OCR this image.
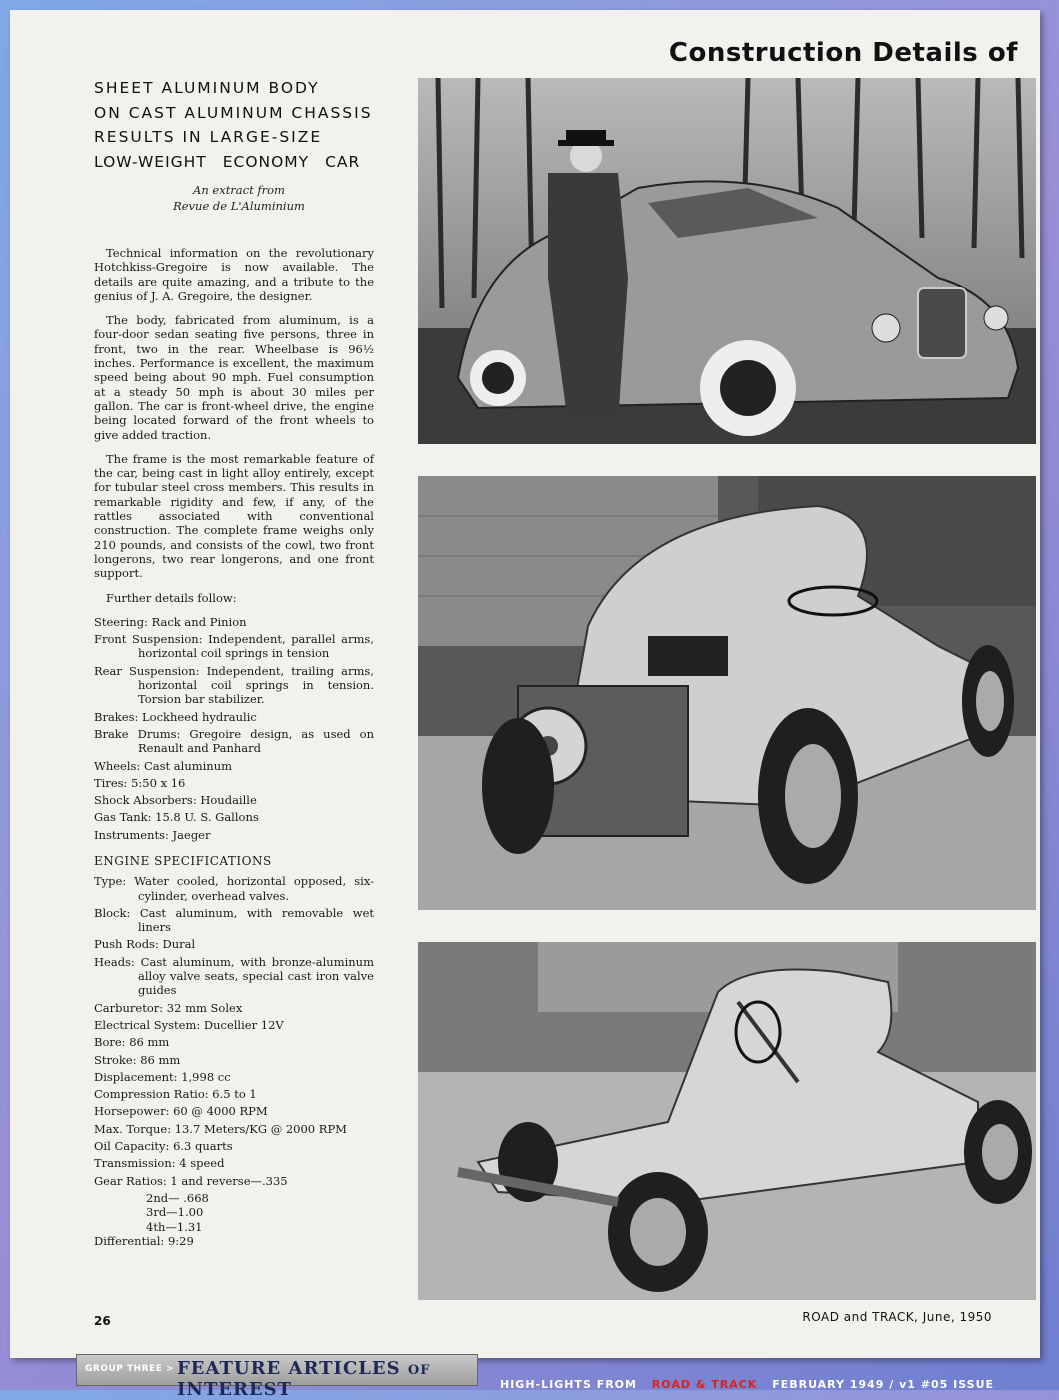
Construction Details of
SHEET ALUMINUM BODY
ON CAST ALUMINUM CHASSIS
RESULTS IN LARGE-SIZE
LOW-WEIGHT ECONOMY CAR
An extract from
Revue de L'Aluminium

Technical information on the revolutionary Hotchkiss-Gregoire is now available. The details are quite amazing, and a tribute to the genius of J. A. Gregoire, the designer.

The body, fabricated from aluminum, is a four-door sedan seating five persons, three in front, two in the rear. Wheelbase is 96½ inches. Performance is excellent, the maximum speed being about 90 mph. Fuel consumption at a steady 50 mph is about 30 miles per gallon. The car is front-wheel drive, the engine being located forward of the front wheels to give added traction.

The frame is the most remarkable feature of the car, being cast in light alloy entirely, except for tubular steel cross members. This results in remarkable rigidity and few, if any, of the rattles associated with conventional construction. The complete frame weighs only 210 pounds, and consists of the cowl, two front longerons, two rear longerons, and one front support.

Further details follow:

Steering: Rack and Pinion
Front Suspension: Independent, parallel arms, horizontal coil springs in tension
Rear Suspension: Independent, trailing arms, horizontal coil springs in tension. Torsion bar stabilizer.
Brakes: Lockheed hydraulic
Brake Drums: Gregoire design, as used on Renault and Panhard
Wheels: Cast aluminum
Tires: 5:50 x 16
Shock Absorbers: Houdaille
Gas Tank: 15.8 U. S. Gallons
Instruments: Jaeger
ENGINE SPECIFICATIONS
Type: Water cooled, horizontal opposed, six-cylinder, overhead valves.
Block: Cast aluminum, with removable wet liners
Push Rods: Dural
Heads: Cast aluminum, with bronze-aluminum alloy valve seats, special cast iron valve guides
Carburetor: 32 mm Solex
Electrical System: Ducellier 12V
Bore: 86 mm
Stroke: 86 mm
Displacement: 1,998 cc
Compression Ratio: 6.5 to 1
Horsepower: 60 @ 4000 RPM
Max. Torque: 13.7 Meters/KG @ 2000 RPM
Oil Capacity: 6.3 quarts
Transmission: 4 speed
Gear Ratios: 1 and reverse—.335
2nd— .668
3rd—1.00
4th—1.31
Differential: 9:29
26	ROAD and TRACK, June, 1950
GROUP THREE > FEATURE ARTICLES of INTEREST	HIGH-LIGHTS FROM ROAD & TRACK FEBRUARY 1949 / v1 #05 ISSUE
